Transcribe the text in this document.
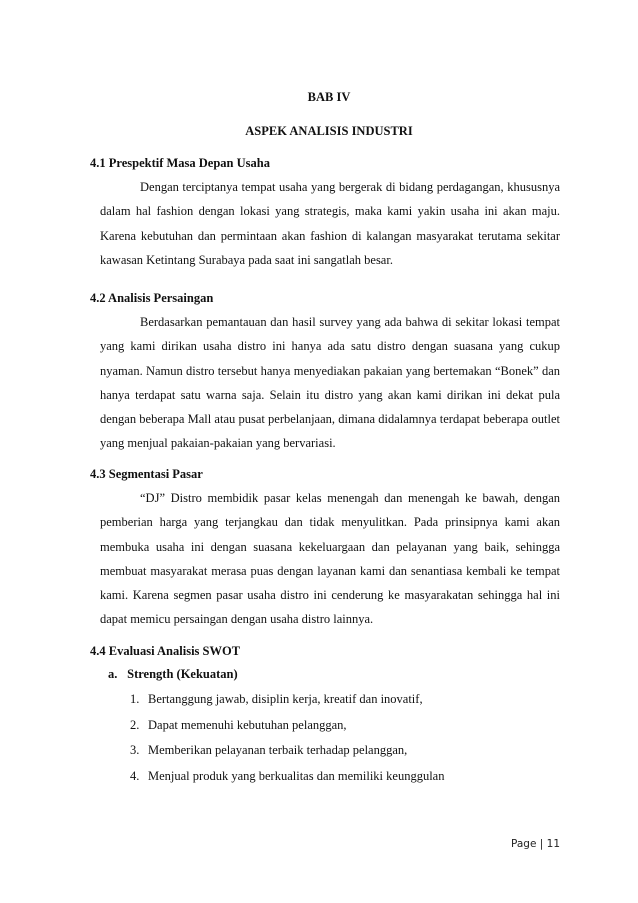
BAB IV

ASPEK ANALISIS INDUSTRI

4.1 Prespektif Masa Depan Usaha

Dengan terciptanya tempat usaha yang bergerak di bidang perdagangan, khususnya dalam hal fashion dengan lokasi yang strategis, maka kami yakin usaha ini akan maju. Karena kebutuhan dan permintaan akan fashion di kalangan masyarakat terutama sekitar kawasan Ketintang Surabaya pada saat ini sangatlah besar.

4.2 Analisis Persaingan

Berdasarkan pemantauan dan hasil survey yang ada bahwa di sekitar lokasi tempat yang kami dirikan usaha distro ini hanya ada satu distro dengan suasana yang cukup nyaman. Namun distro tersebut hanya menyediakan pakaian yang bertemakan “Bonek” dan hanya terdapat satu warna saja. Selain itu distro yang akan kami dirikan ini dekat pula dengan beberapa Mall atau pusat perbelanjaan, dimana didalamnya terdapat beberapa outlet yang menjual pakaian-pakaian yang bervariasi.

4.3 Segmentasi Pasar

“DJ” Distro membidik pasar kelas menengah dan menengah ke bawah, dengan pemberian harga yang terjangkau dan tidak menyulitkan. Pada prinsipnya kami akan membuka usaha ini dengan suasana kekeluargaan dan pelayanan yang baik, sehingga membuat masyarakat merasa puas dengan layanan kami dan senantiasa kembali ke tempat kami. Karena segmen pasar usaha distro ini cenderung ke masyarakatan sehingga hal ini dapat memicu persaingan dengan usaha distro lainnya.

4.4 Evaluasi Analisis SWOT

a. Strength (Kekuatan)

1. Bertanggung jawab, disiplin kerja, kreatif dan inovatif,
2. Dapat memenuhi kebutuhan pelanggan,
3. Memberikan pelayanan terbaik terhadap pelanggan,
4. Menjual produk yang berkualitas dan memiliki keunggulan
Page | 11
